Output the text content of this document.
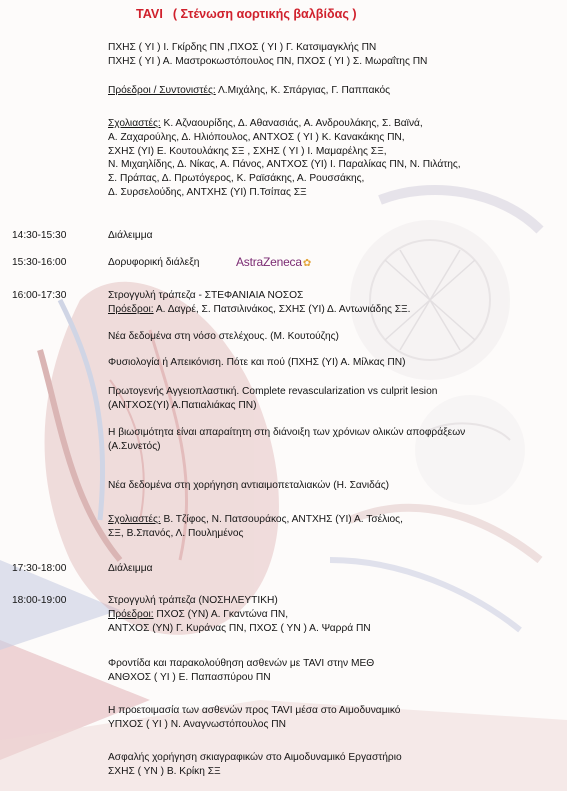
TAVI ( Στένωση αορτικής βαλβίδας )
ΠΧΗΣ ( ΥΙ ) Ι. Γκίρδης ΠΝ ,ΠΧΟΣ ( ΥΙ ) Γ. Κατσιμαγκλής ΠΝ
ΠΧΗΣ ( ΥΙ ) Α. Μαστροκωστόπουλος ΠΝ, ΠΧΟΣ ( ΥΙ ) Σ. Μωραΐτης ΠΝ
Πρόεδροι / Συντονιστές: Λ.Μιχάλης, Κ. Σπάργιας, Γ. Παππακός
Σχολιαστές: Κ. Αζναουρίδης, Δ. Αθανασιάς, Α. Ανδρουλάκης, Σ. Βαϊνά,
Α. Ζαχαρούλης, Δ. Ηλιόπουλος, ΑΝΤΧΟΣ ( ΥΙ ) Κ. Κανακάκης ΠΝ,
ΣΧΗΣ (ΥΙ) Ε. Κουτουλάκης ΣΞ , ΣΧΗΣ ( ΥΙ ) Ι. Μαμαρέλης ΣΞ,
Ν. Μιχαηλίδης, Δ. Νίκας, Α. Πάνος, ΑΝΤΧΟΣ (ΥΙ) Ι. Παραλίκας ΠΝ, Ν. Πιλάτης,
Σ. Πράπας, Δ. Πρωτόγερος, Κ. Ραϊσάκης, Α. Ρουσσάκης,
Δ. Συρσελούδης, ΑΝΤΧΗΣ (ΥΙ) Π.Τσίπας ΣΞ
14:30-15:30	Διάλειμμα
15:30-16:00	Δορυφορική διάλεξη	AstraZeneca✿
16:00-17:30	Στρογγυλή τράπεζα - ΣΤΕΦΑΝΙΑΙΑ ΝΟΣΟΣ
Πρόεδροι: Α. Δαγρέ, Σ. Πατσιλινάκος, ΣΧΗΣ (ΥΙ) Δ. Αντωνιάδης ΣΞ.
Νέα δεδομένα στη νόσο στελέχους. (Μ. Κουτούζης)
Φυσιολογία ή Απεικόνιση. Πότε και πού (ΠΧΗΣ (ΥΙ) Α. Μίλκας ΠΝ)
Πρωτογενής Αγγειοπλαστική. Complete revascularization vs culprit lesion
(ΑΝΤΧΟΣ(ΥΙ) Α.Πατιαλιάκας ΠΝ)
Η βιωσιμότητα είναι απαραίτητη στη διάνοιξη των χρόνιων ολικών αποφράξεων
(Α.Συνετός)
Νέα δεδομένα στη χορήγηση αντιαιμοπεταλιακών (Η. Σανιδάς)
Σχολιαστές: Β. Τζίφος, Ν. Πατσουράκος, ΑΝΤΧΗΣ (ΥΙ) Α. Τσέλιος,
ΣΞ, Β.Σπανός, Λ. Πουλημένος
17:30-18:00	Διάλειμμα
18:00-19:00	Στρογγυλή τράπεζα (ΝΟΣΗΛΕΥΤΙΚΗ)
Πρόεδροι: ΠΧΟΣ (ΥΝ) Α. Γκαντώνα ΠΝ,
ΑΝΤΧΟΣ (ΥΝ) Γ. Κυράνας ΠΝ, ΠΧΟΣ ( ΥΝ ) Α. Ψαρρά ΠΝ
Φροντίδα και παρακολούθηση ασθενών με TAVI στην ΜΕΘ
ΑΝΘΧΟΣ ( ΥΙ ) Ε. Παπασπύρου ΠΝ
Η προετοιμασία των ασθενών προς TAVI μέσα στο Αιμοδυναμικό
ΥΠΧΟΣ ( ΥΙ ) Ν. Αναγνωστόπουλος ΠΝ
Ασφαλής χορήγηση σκιαγραφικών στο Αιμοδυναμικό Εργαστήριο
ΣΧΗΣ ( ΥΝ ) Β. Κρίκη ΣΞ
